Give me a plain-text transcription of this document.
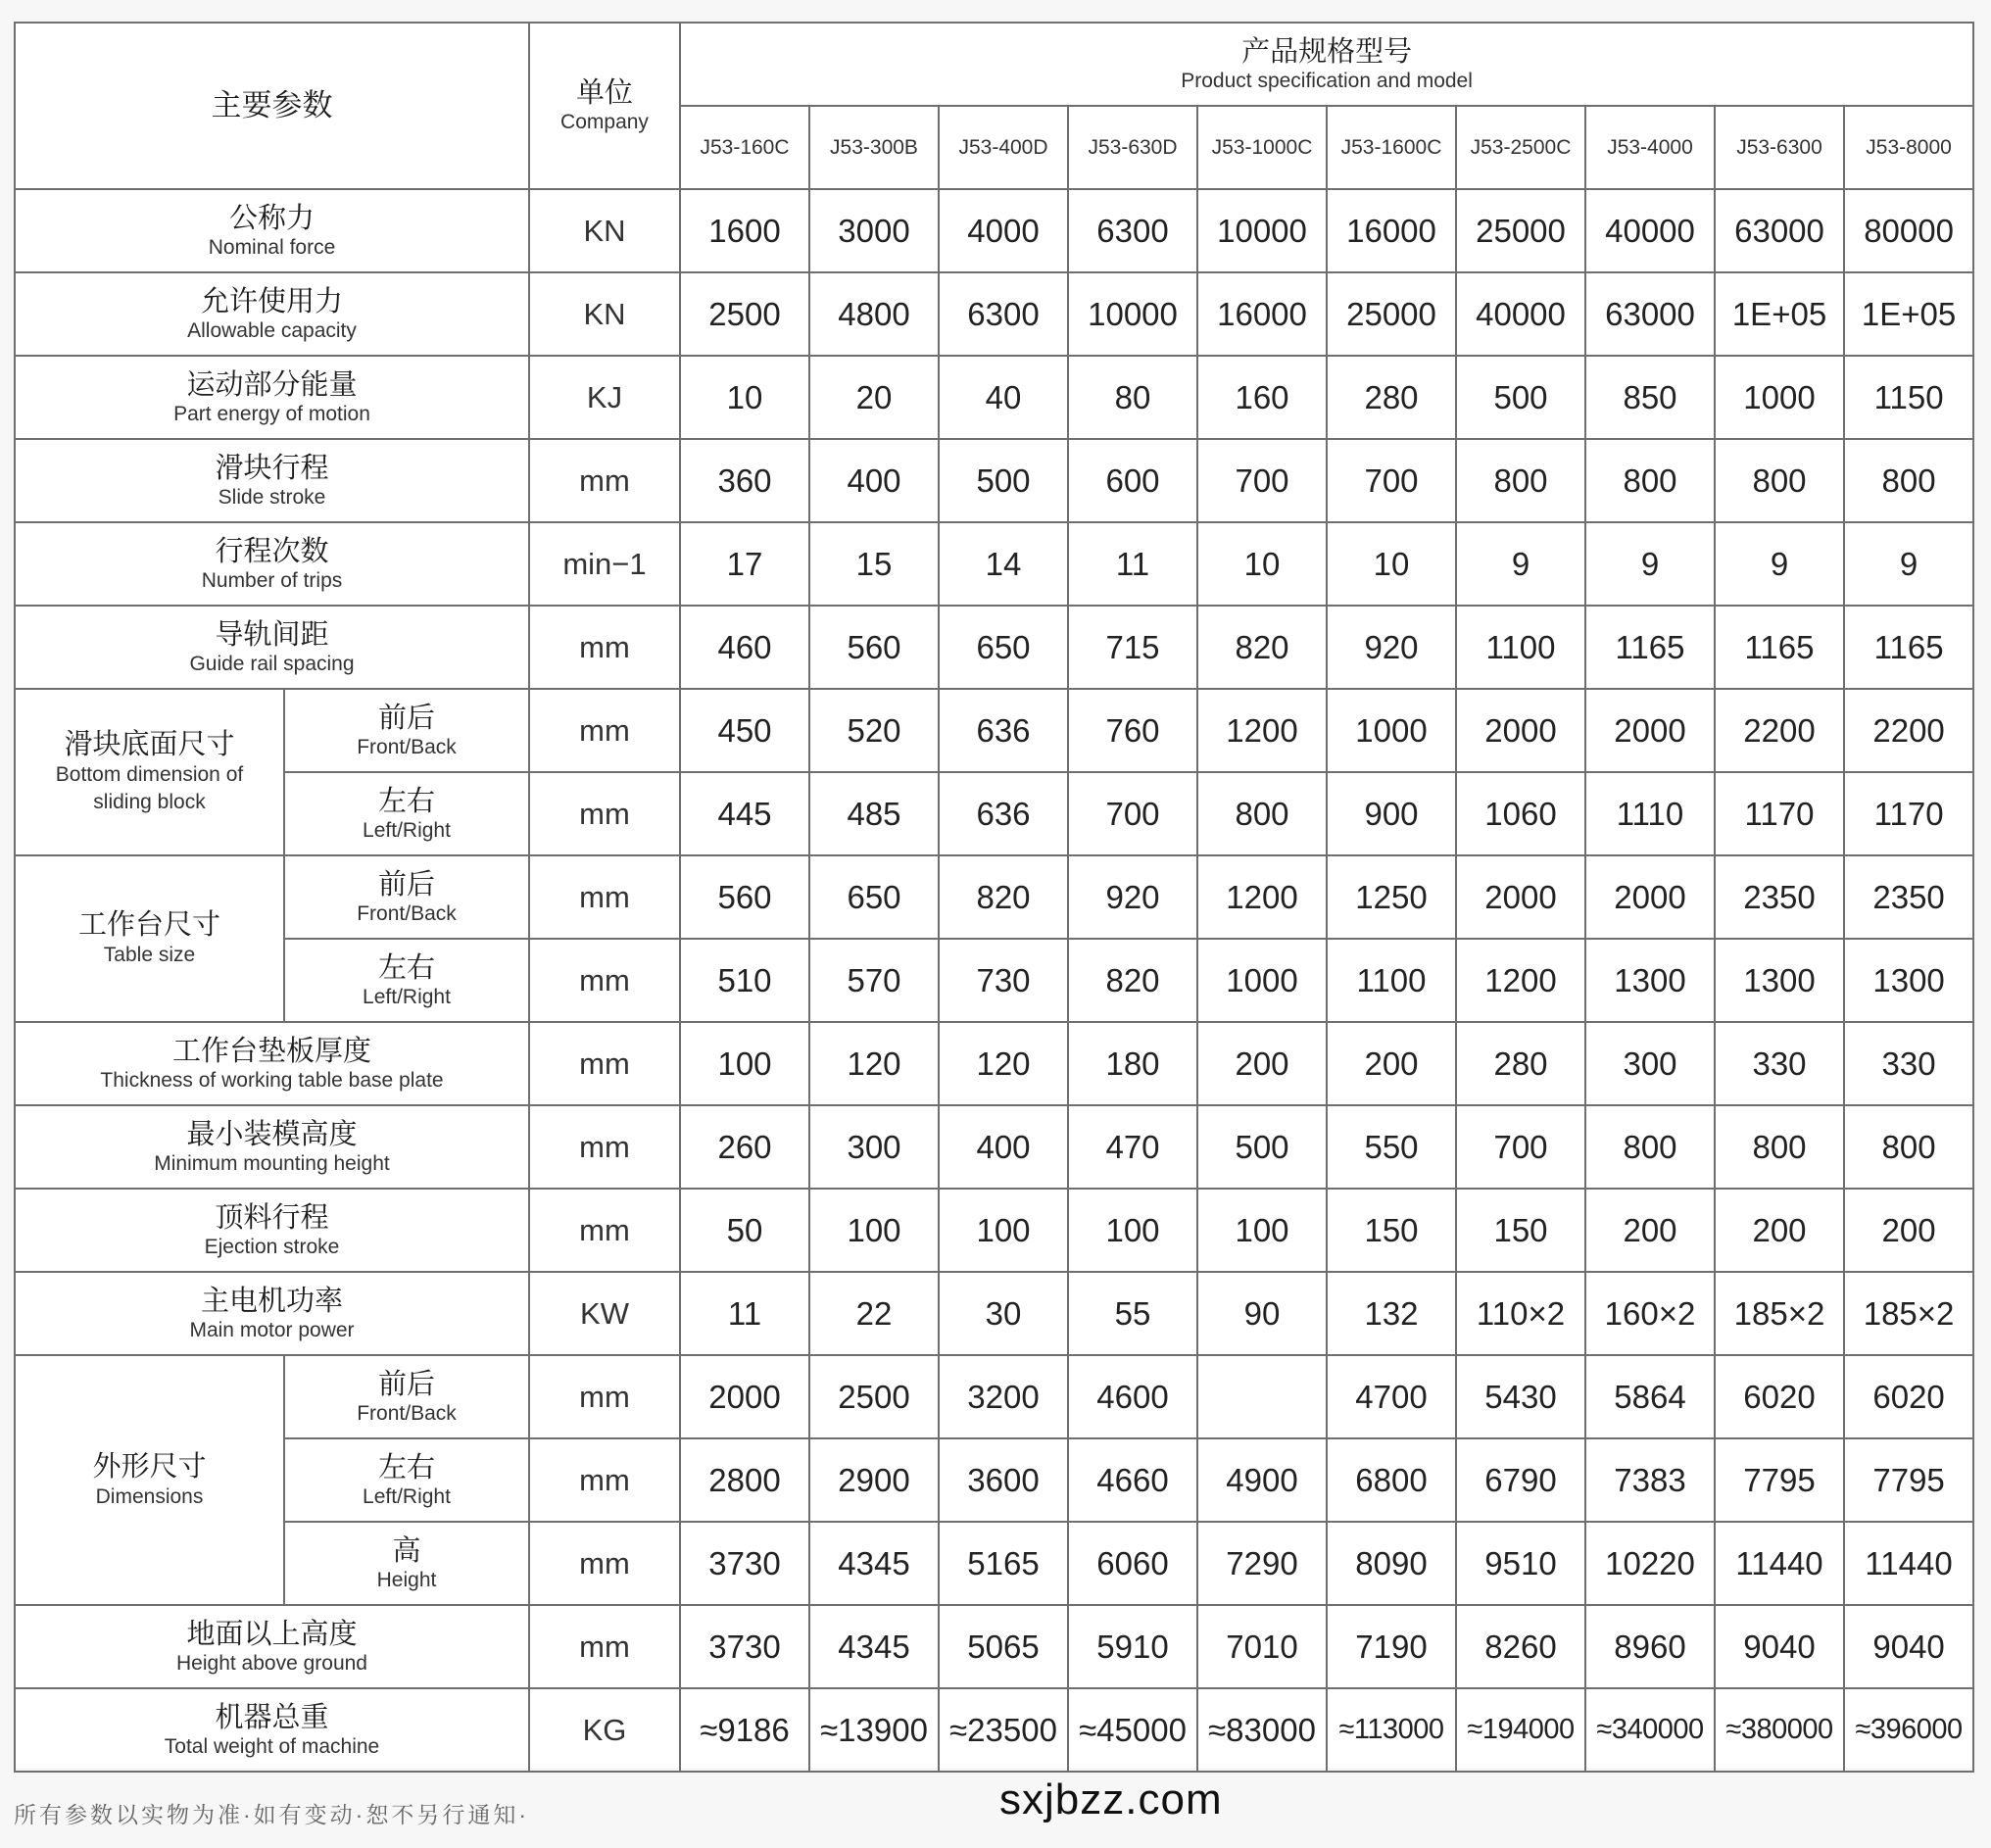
主要参数		单位
Company	产品规格型号
Product specification and model									

			J53-160C	J53-300B	J53-400D	J53-630D	J53-1000C	J53-1600C	J53-2500C	J53-4000	J53-6300	J53-8000

公称力
Nominal force		KN	1600	3000	4000	6300	10000	16000	25000	40000	63000	80000

允许使用力
Allowable capacity		KN	2500	4800	6300	10000	16000	25000	40000	63000	1E+05	1E+05

运动部分能量
Part energy of motion		KJ	10	20	40	80	160	280	500	850	1000	1150

滑块行程
Slide stroke		mm	360	400	500	600	700	700	800	800	800	800

行程次数
Number of trips		min−1	17	15	14	11	10	10	9	9	9	9

导轨间距
Guide rail spacing		mm	460	560	650	715	820	920	1100	1165	1165	1165

滑块底面尺寸
Bottom dimension of sliding block	前后
Front/Back	mm	450	520	636	760	1200	1000	2000	2000	2200	2200

	左右
Left/Right	mm	445	485	636	700	800	900	1060	1110	1170	1170

工作台尺寸
Table size	前后
Front/Back	mm	560	650	820	920	1200	1250	2000	2000	2350	2350

	左右
Left/Right	mm	510	570	730	820	1000	1100	1200	1300	1300	1300

工作台垫板厚度
Thickness of working table base plate		mm	100	120	120	180	200	200	280	300	330	330

最小装模高度
Minimum mounting height		mm	260	300	400	470	500	550	700	800	800	800

顶料行程
Ejection stroke		mm	50	100	100	100	100	150	150	200	200	200

主电机功率
Main motor power		KW	11	22	30	55	90	132	110×2	160×2	185×2	185×2

外形尺寸
Dimensions	前后
Front/Back	mm	2000	2500	3200	4600		4700	5430	5864	6020	6020

	左右
Left/Right	mm	2800	2900	3600	4660	4900	6800	6790	7383	7795	7795

	高
Height	mm	3730	4345	5165	6060	7290	8090	9510	10220	11440	11440

地面以上高度
Height above ground		mm	3730	4345	5065	5910	7010	7190	8260	8960	9040	9040

机器总重
Total weight of machine		KG	≈9186	≈13900	≈23500	≈45000	≈83000	≈113000	≈194000	≈340000	≈380000	≈396000
所有参数以实物为准·如有变动·恕不另行通知·	sxjbzz.com
